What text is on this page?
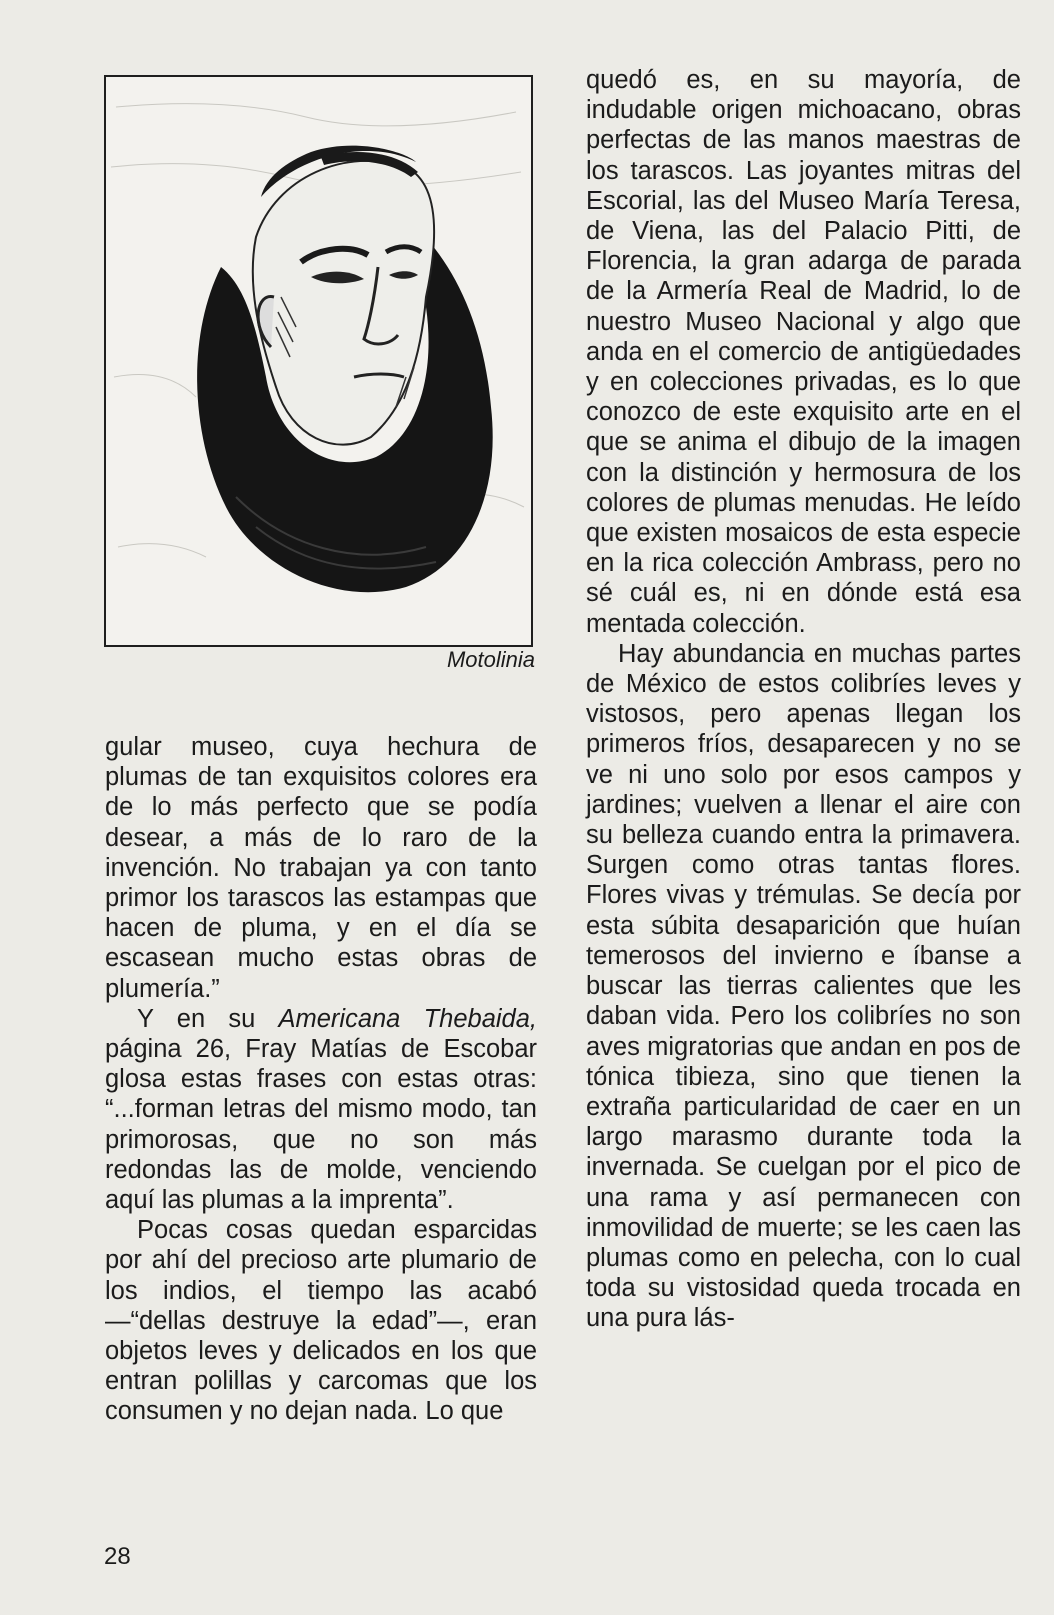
Motolinia

gular museo, cuya hechura de plumas de tan exquisitos colores era de lo más perfecto que se podía desear, a más de lo raro de la invención. No trabajan ya con tanto primor los tarascos las estampas que hacen de pluma, y en el día se escasean mucho estas obras de plumería.”

Y en su Americana Thebaida, página 26, Fray Matías de Escobar glosa estas frases con estas otras: “...forman letras del mismo modo, tan primorosas, que no son más redondas las de molde, venciendo aquí las plumas a la imprenta”.

Pocas cosas quedan esparcidas por ahí del precioso arte plumario de los indios, el tiempo las acabó —“dellas destruye la edad”—, eran objetos leves y delicados en los que entran polillas y carcomas que los consumen y no dejan nada. Lo que

quedó es, en su mayoría, de indudable origen michoacano, obras perfectas de las manos maestras de los tarascos. Las joyantes mitras del Escorial, las del Museo María Teresa, de Viena, las del Palacio Pitti, de Florencia, la gran adarga de parada de la Armería Real de Madrid, lo de nuestro Museo Nacional y algo que anda en el comercio de antigüedades y en colecciones privadas, es lo que conozco de este exquisito arte en el que se anima el dibujo de la imagen con la distinción y hermosura de los colores de plumas menudas. He leído que existen mosaicos de esta especie en la rica colección Ambrass, pero no sé cuál es, ni en dónde está esa mentada colección.

Hay abundancia en muchas partes de México de estos colibríes leves y vistosos, pero apenas llegan los primeros fríos, desaparecen y no se ve ni uno solo por esos campos y jardines; vuelven a llenar el aire con su belleza cuando entra la primavera. Surgen como otras tantas flores. Flores vivas y trémulas. Se decía por esta súbita desaparición que huían temerosos del invierno e íbanse a buscar las tierras calientes que les daban vida. Pero los colibríes no son aves migratorias que andan en pos de tónica tibieza, sino que tienen la extraña particularidad de caer en un largo marasmo durante toda la invernada. Se cuelgan por el pico de una rama y así permanecen con inmovilidad de muerte; se les caen las plumas como en pelecha, con lo cual toda su vistosidad queda trocada en una pura lás-

28
